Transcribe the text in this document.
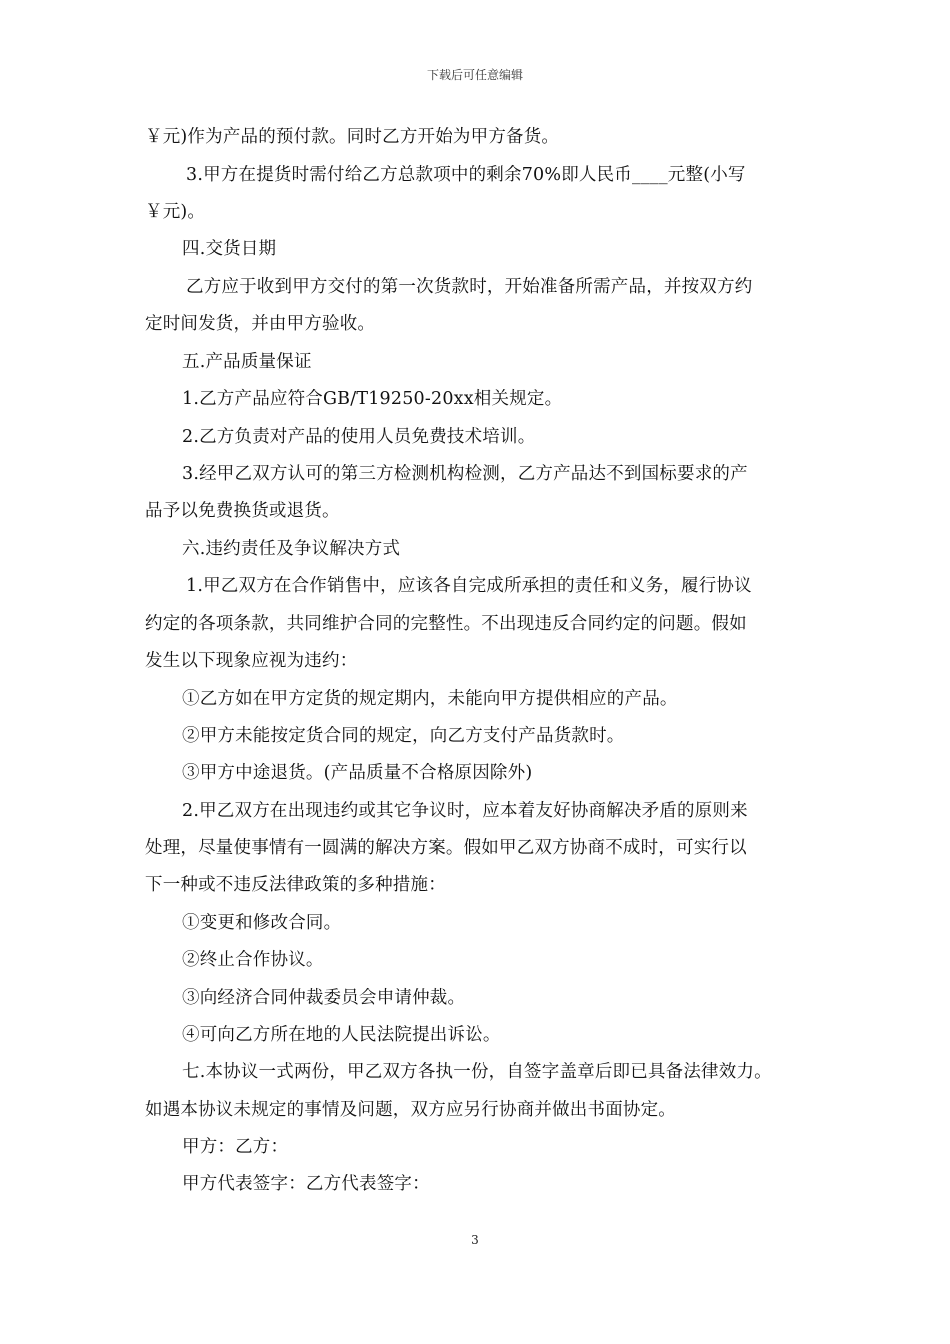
下载后可任意编辑
￥元)作为产品的预付款。同时乙方开始为甲方备货。
3.甲方在提货时需付给乙方总款项中的剩余70%即人民币____元整(小写
￥元)。
四.交货日期
乙方应于收到甲方交付的第一次货款时，开始准备所需产品，并按双方约
定时间发货，并由甲方验收。
五.产品质量保证
1.乙方产品应符合GB/T19250-20xx相关规定。
2.乙方负责对产品的使用人员免费技术培训。
3.经甲乙双方认可的第三方检测机构检测，乙方产品达不到国标要求的产
品予以免费换货或退货。
六.违约责任及争议解决方式
1.甲乙双方在合作销售中，应该各自完成所承担的责任和义务，履行协议
约定的各项条款，共同维护合同的完整性。不出现违反合同约定的问题。假如
发生以下现象应视为违约：
①乙方如在甲方定货的规定期内，未能向甲方提供相应的产品。
②甲方未能按定货合同的规定，向乙方支付产品货款时。
③甲方中途退货。(产品质量不合格原因除外)
2.甲乙双方在出现违约或其它争议时，应本着友好协商解决矛盾的原则来
处理，尽量使事情有一圆满的解决方案。假如甲乙双方协商不成时，可实行以
下一种或不违反法律政策的多种措施：
①变更和修改合同。
②终止合作协议。
③向经济合同仲裁委员会申请仲裁。
④可向乙方所在地的人民法院提出诉讼。
七.本协议一式两份，甲乙双方各执一份，自签字盖章后即已具备法律效力。
如遇本协议未规定的事情及问题，双方应另行协商并做出书面协定。
甲方：乙方：
甲方代表签字：乙方代表签字：
3
